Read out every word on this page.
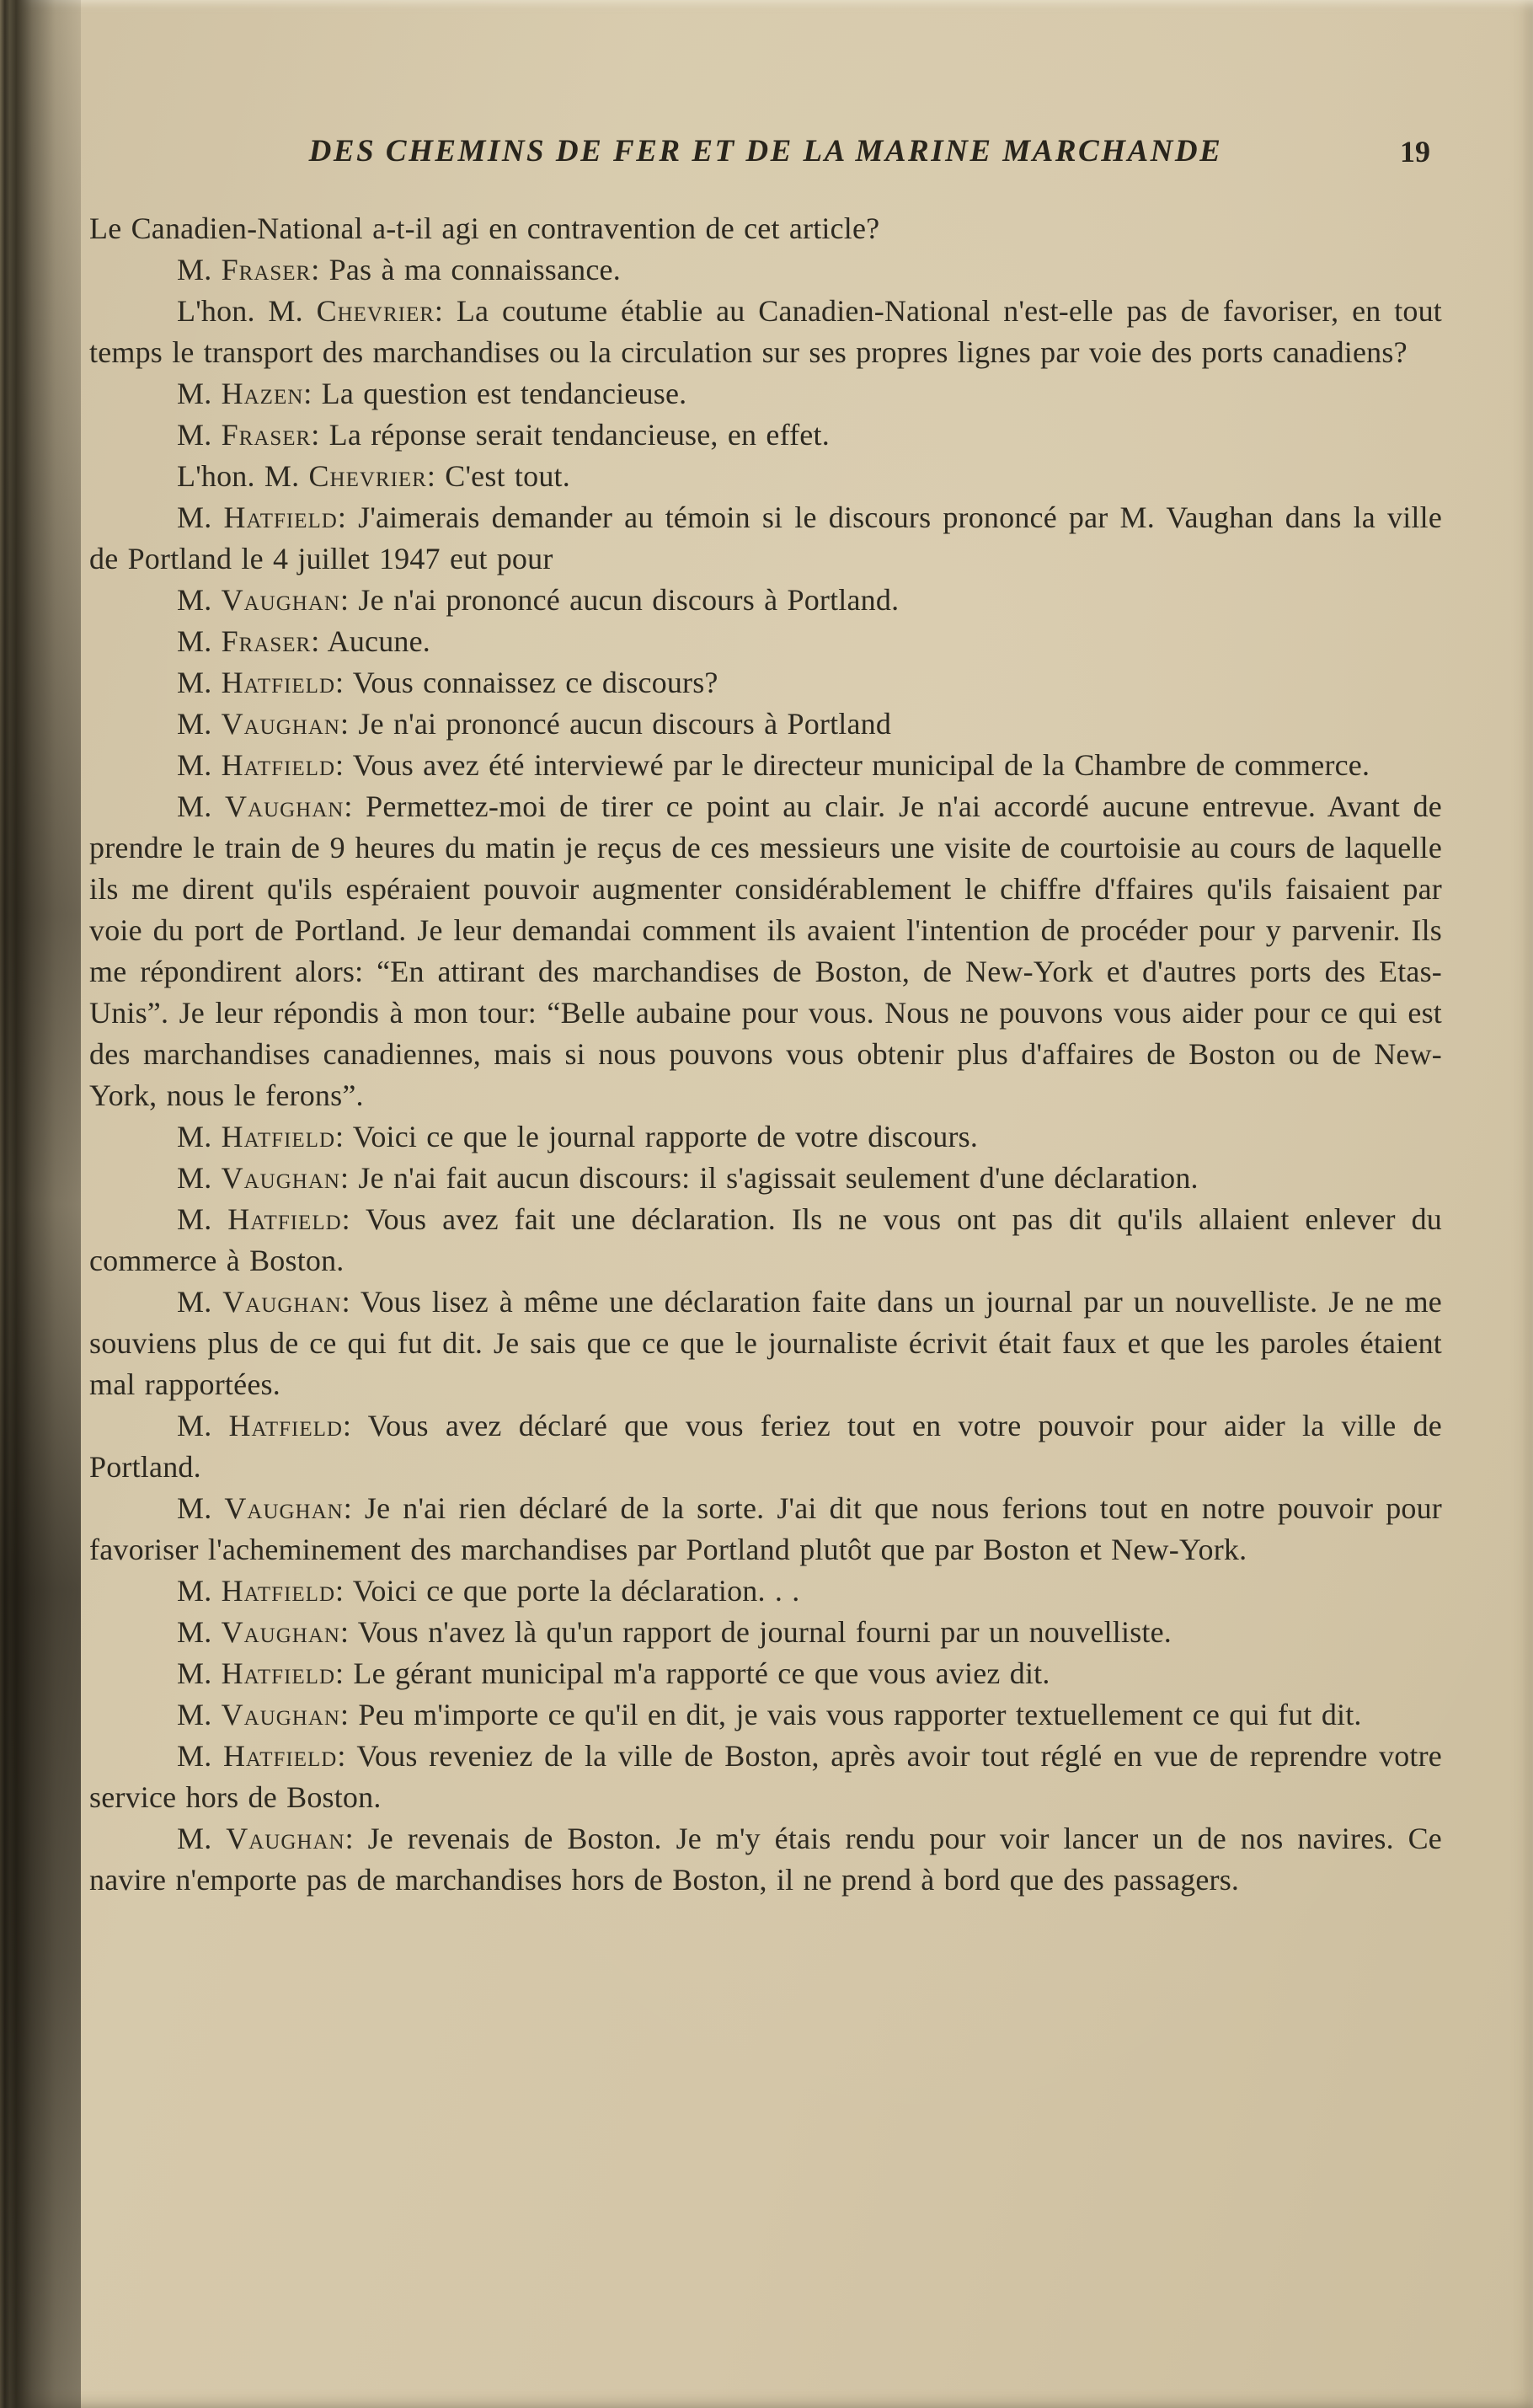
DES CHEMINS DE FER ET DE LA MARINE MARCHANDE	19

Le Canadien-National a-t-il agi en contravention de cet article?

M. Fraser: Pas à ma connaissance.

L'hon. M. Chevrier: La coutume établie au Canadien-National n'est-elle pas de favoriser, en tout temps le transport des marchandises ou la circulation sur ses propres lignes par voie des ports canadiens?

M. Hazen: La question est tendancieuse.

M. Fraser: La réponse serait tendancieuse, en effet.

L'hon. M. Chevrier: C'est tout.

M. Hatfield: J'aimerais demander au témoin si le discours prononcé par M. Vaughan dans la ville de Portland le 4 juillet 1947 eut pour

M. Vaughan: Je n'ai prononcé aucun discours à Portland.

M. Fraser: Aucune.

M. Hatfield: Vous connaissez ce discours?

M. Vaughan: Je n'ai prononcé aucun discours à Portland

M. Hatfield: Vous avez été interviewé par le directeur municipal de la Chambre de commerce.

M. Vaughan: Permettez-moi de tirer ce point au clair. Je n'ai accordé aucune entrevue. Avant de prendre le train de 9 heures du matin je reçus de ces messieurs une visite de courtoisie au cours de laquelle ils me dirent qu'ils espéraient pouvoir augmenter considérablement le chiffre d'ffaires qu'ils faisaient par voie du port de Portland. Je leur demandai comment ils avaient l'intention de procéder pour y parvenir. Ils me répondirent alors: “En attirant des marchandises de Boston, de New-York et d'autres ports des Etas-Unis”. Je leur répondis à mon tour: “Belle aubaine pour vous. Nous ne pouvons vous aider pour ce qui est des marchandises canadiennes, mais si nous pouvons vous obtenir plus d'affaires de Boston ou de New-York, nous le ferons”.

M. Hatfield: Voici ce que le journal rapporte de votre discours.

M. Vaughan: Je n'ai fait aucun discours: il s'agissait seulement d'une déclaration.

M. Hatfield: Vous avez fait une déclaration. Ils ne vous ont pas dit qu'ils allaient enlever du commerce à Boston.

M. Vaughan: Vous lisez à même une déclaration faite dans un journal par un nouvelliste. Je ne me souviens plus de ce qui fut dit. Je sais que ce que le journaliste écrivit était faux et que les paroles étaient mal rapportées.

M. Hatfield: Vous avez déclaré que vous feriez tout en votre pouvoir pour aider la ville de Portland.

M. Vaughan: Je n'ai rien déclaré de la sorte. J'ai dit que nous ferions tout en notre pouvoir pour favoriser l'acheminement des marchandises par Portland plutôt que par Boston et New-York.

M. Hatfield: Voici ce que porte la déclaration. . .

M. Vaughan: Vous n'avez là qu'un rapport de journal fourni par un nouvelliste.

M. Hatfield: Le gérant municipal m'a rapporté ce que vous aviez dit.

M. Vaughan: Peu m'importe ce qu'il en dit, je vais vous rapporter textuellement ce qui fut dit.

M. Hatfield: Vous reveniez de la ville de Boston, après avoir tout réglé en vue de reprendre votre service hors de Boston.

M. Vaughan: Je revenais de Boston. Je m'y étais rendu pour voir lancer un de nos navires. Ce navire n'emporte pas de marchandises hors de Boston, il ne prend à bord que des passagers.
